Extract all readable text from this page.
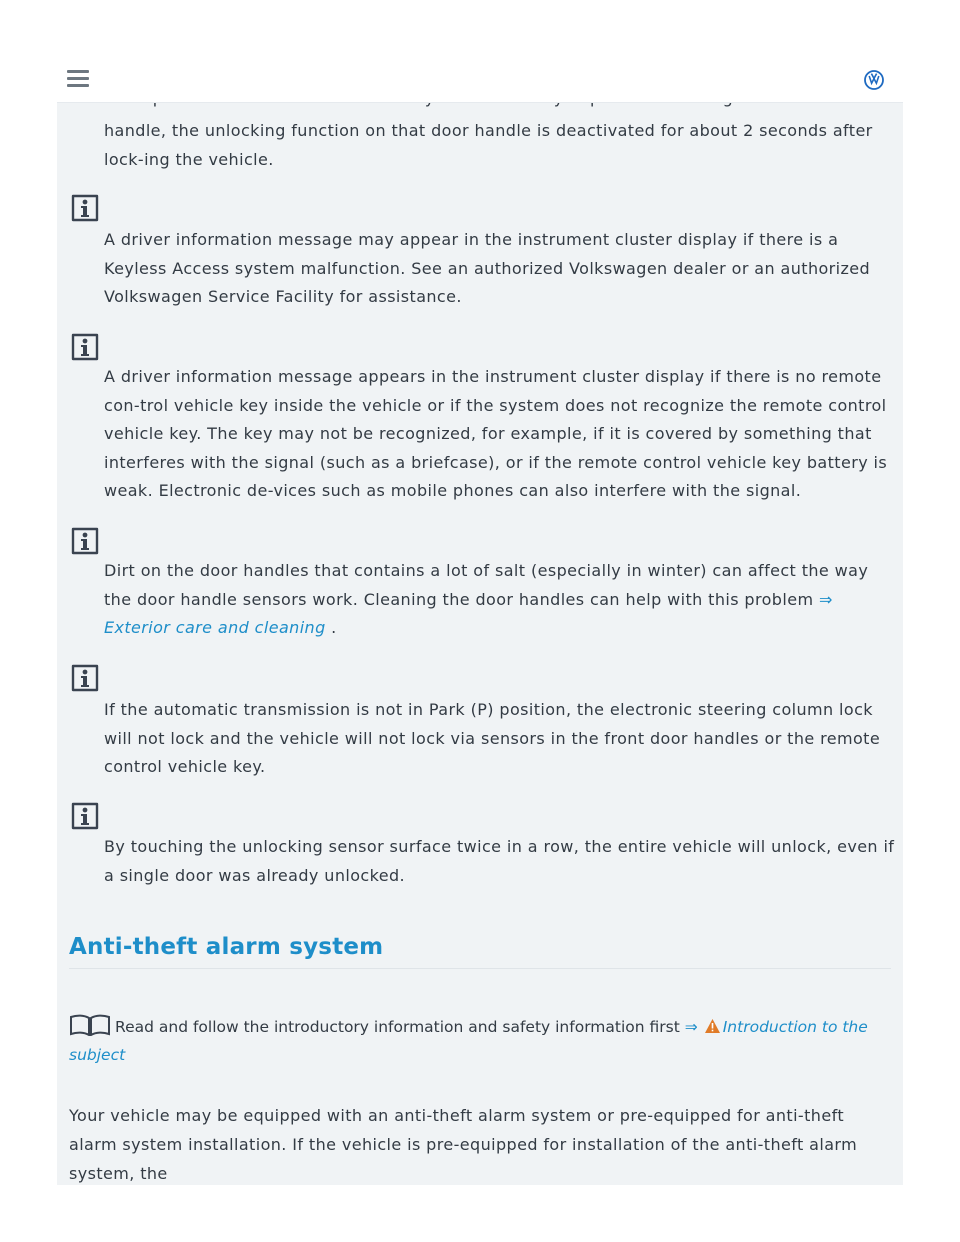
handle, the unlocking function on that door handle is deactivated for about 2 seconds after lock-ing the vehicle.

A driver information message may appear in the instrument cluster display if there is a Keyless Access system malfunction. See an authorized Volkswagen dealer or an authorized Volkswagen Service Facility for assistance.

A driver information message appears in the instrument cluster display if there is no remote con-trol vehicle key inside the vehicle or if the system does not recognize the remote control vehicle key. The key may not be recognized, for example, if it is covered by something that interferes with the signal (such as a briefcase), or if the remote control vehicle key battery is weak. Electronic de-vices such as mobile phones can also interfere with the signal.

Dirt on the door handles that contains a lot of salt (especially in winter) can affect the way the door handle sensors work. Cleaning the door handles can help with this problem ⇒ Exterior care and cleaning .

If the automatic transmission is not in Park (P) position, the electronic steering column lock will not lock and the vehicle will not lock via sensors in the front door handles or the remote control vehicle key.

By touching the unlocking sensor surface twice in a row, the entire vehicle will unlock, even if a single door was already unlocked.

Anti-theft alarm system
Read and follow the introductory information and safety information first ⇒ Introduction to the subject

Your vehicle may be equipped with an anti-theft alarm system or pre-equipped for anti-theft alarm system installation. If the vehicle is pre-equipped for installation of the anti-theft alarm system, the
